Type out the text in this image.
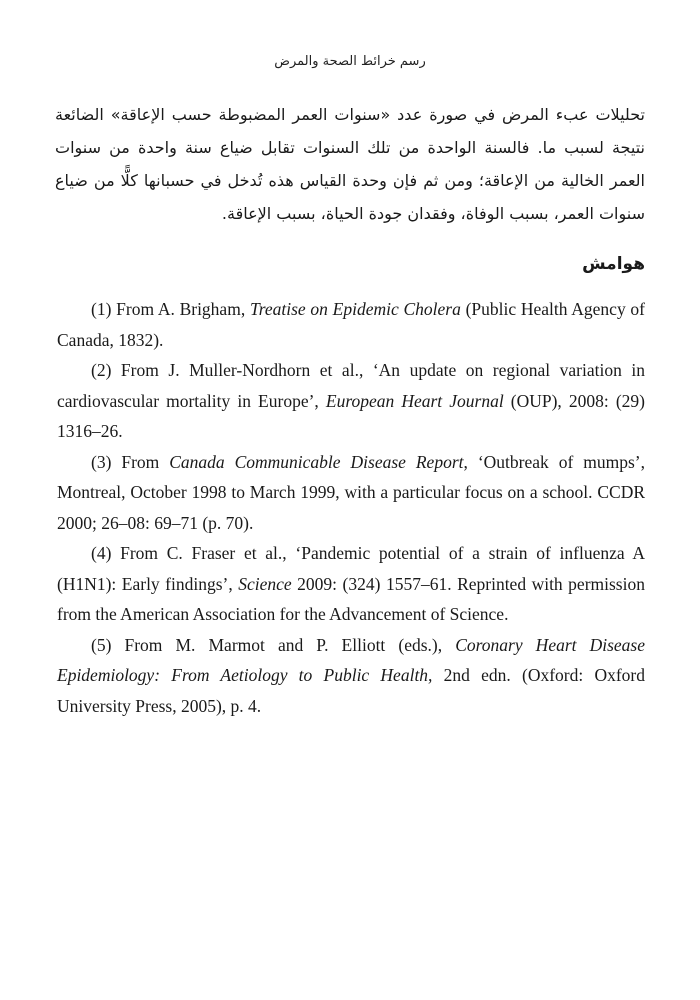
رسم خرائط الصحة والمرض

تحليلات عبء المرض في صورة عدد «سنوات العمر المضبوطة حسب الإعاقة» الضائعة نتيجة لسبب ما. فالسنة الواحدة من تلك السنوات تقابل ضياع سنة واحدة من سنوات العمر الخالية من الإعاقة؛ ومن ثم فإن وحدة القياس هذه تُدخل في حسبانها كلًّا من ضياع سنوات العمر، بسبب الوفاة، وفقدان جودة الحياة، بسبب الإعاقة.

هوامش
(1) From A. Brigham, Treatise on Epidemic Cholera (Public Health Agency of Canada, 1832).
(2) From J. Muller-Nordhorn et al., ‘An update on regional variation in cardiovascular mortality in Europe’, European Heart Journal (OUP), 2008: (29) 1316–26.
(3) From Canada Communicable Disease Report, ‘Outbreak of mumps’, Montreal, October 1998 to March 1999, with a particular focus on a school. CCDR 2000; 26–08: 69–71 (p. 70).
(4) From C. Fraser et al., ‘Pandemic potential of a strain of influenza A (H1N1): Early findings’, Science 2009: (324) 1557–61. Reprinted with permission from the American Association for the Advancement of Science.
(5) From M. Marmot and P. Elliott (eds.), Coronary Heart Disease Epidemiology: From Aetiology to Public Health, 2nd edn. (Oxford: Oxford University Press, 2005), p. 4.
